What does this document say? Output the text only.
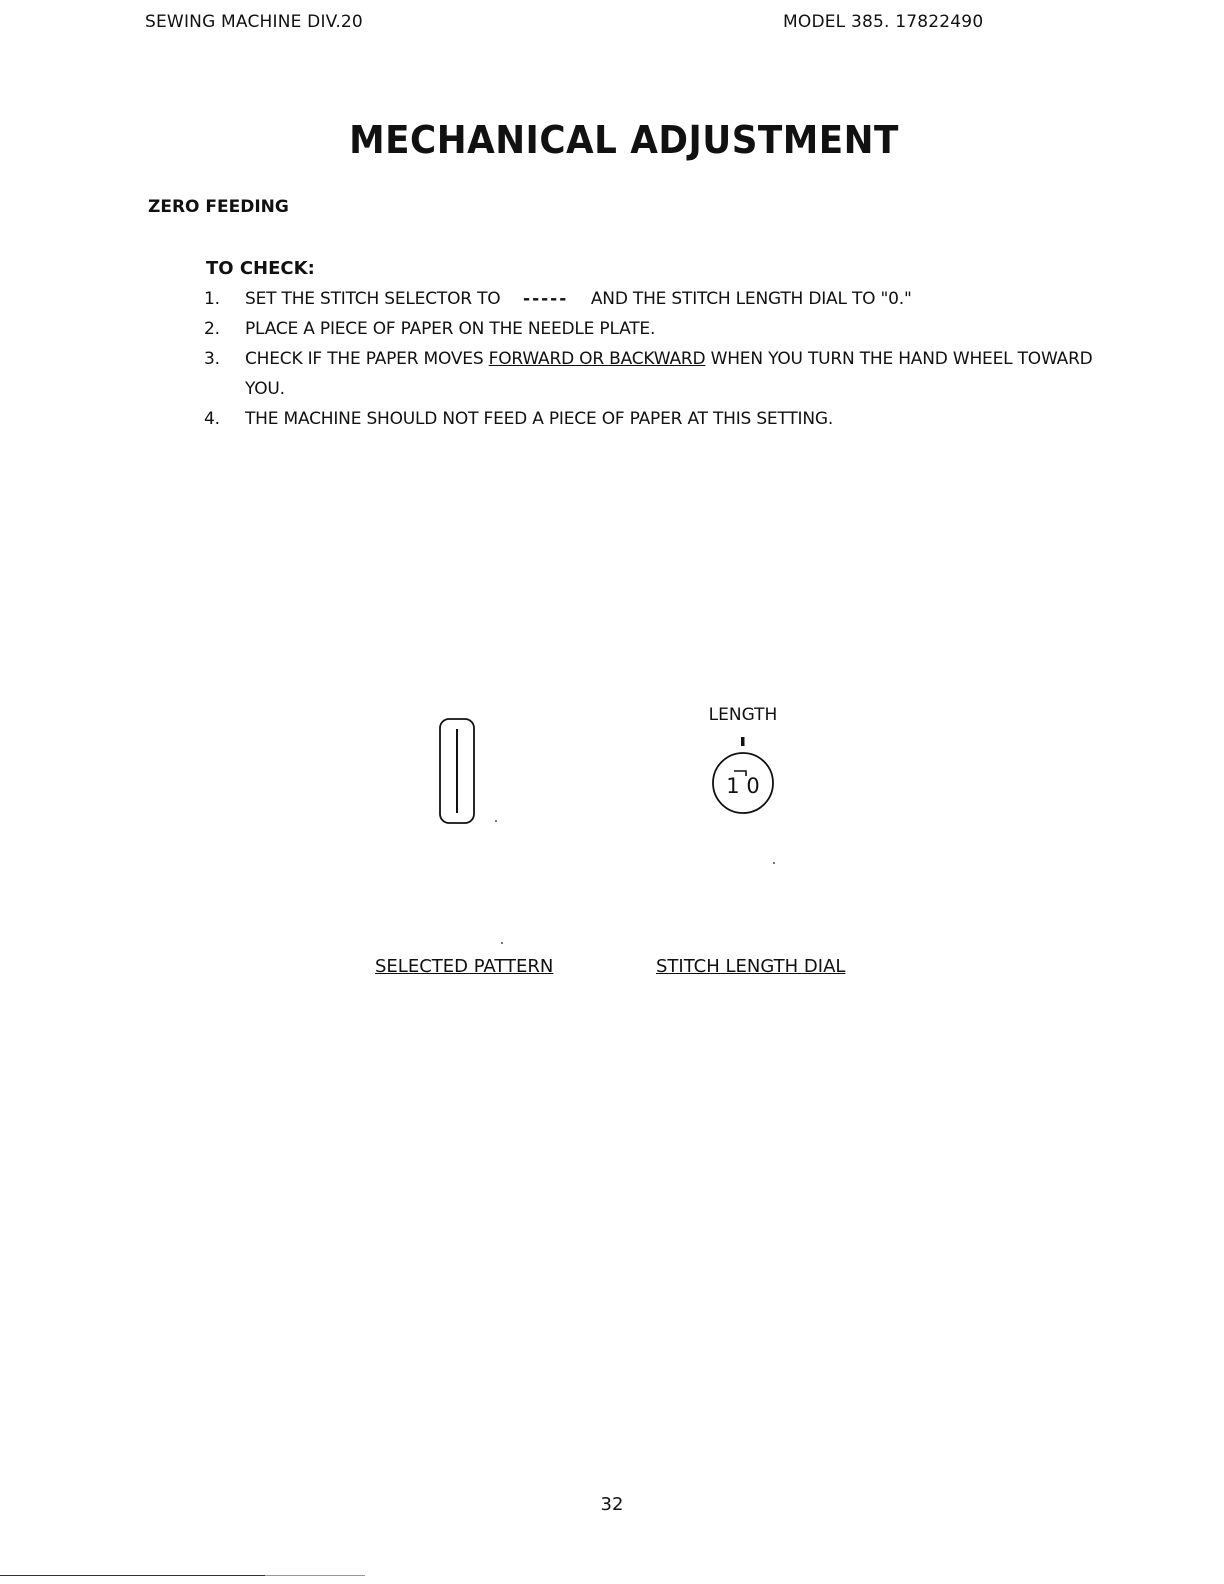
SEWING MACHINE DIV.20	MODEL 385. 17822490
MECHANICAL ADJUSTMENT
ZERO FEEDING
TO CHECK:
1. SET THE STITCH SELECTOR TO ----- AND THE STITCH LENGTH DIAL TO "0."
2. PLACE A PIECE OF PAPER ON THE NEEDLE PLATE.
3. CHECK IF THE PAPER MOVES FORWARD OR BACKWARD WHEN YOU TURN THE HAND WHEEL TOWARD YOU.
4. THE MACHINE SHOULD NOT FEED A PIECE OF PAPER AT THIS SETTING.
LENGTH
1 0
SELECTED PATTERN	STITCH LENGTH DIAL
32
